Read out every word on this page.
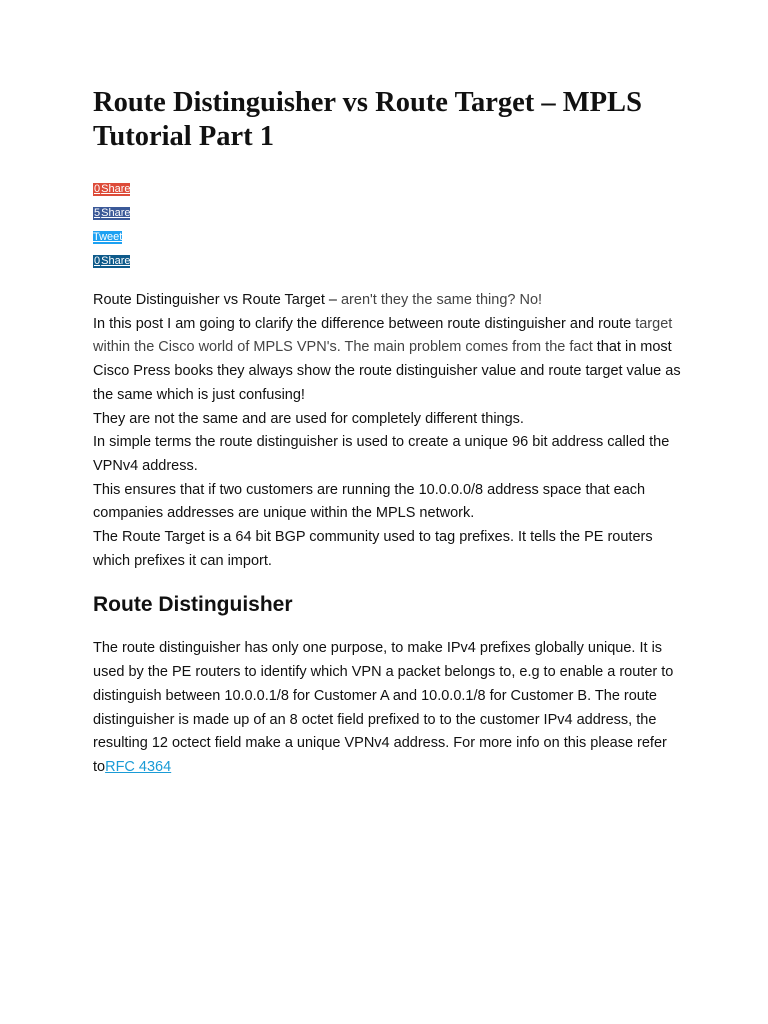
Route Distinguisher vs Route Target – MPLS Tutorial Part 1
0 Share
5 Share
Tweet
0 Share

Route Distinguisher vs Route Target – aren't they the same thing? No!

In this post I am going to clarify the difference between route distinguisher and route target within the Cisco world of MPLS VPN's. The main problem comes from the fact that in most Cisco Press books they always show the route distinguisher value and route target value as the same which is just confusing!

They are not the same and are used for completely different things.

In simple terms the route distinguisher is used to create a unique 96 bit address called the VPNv4 address.

This ensures that if two customers are running the 10.0.0.0/8 address space that each companies addresses are unique within the MPLS network.

The Route Target is a 64 bit BGP community used to tag prefixes. It tells the PE routers which prefixes it can import.

Route Distinguisher

The route distinguisher has only one purpose, to make IPv4 prefixes globally unique. It is used by the PE routers to identify which VPN a packet belongs to, e.g to enable a router to distinguish between 10.0.0.1/8 for Customer A and 10.0.0.1/8 for Customer B. The route distinguisher is made up of an 8 octet field prefixed to to the customer IPv4 address, the resulting 12 octect field make a unique VPNv4 address. For more info on this please refer toRFC 4364
